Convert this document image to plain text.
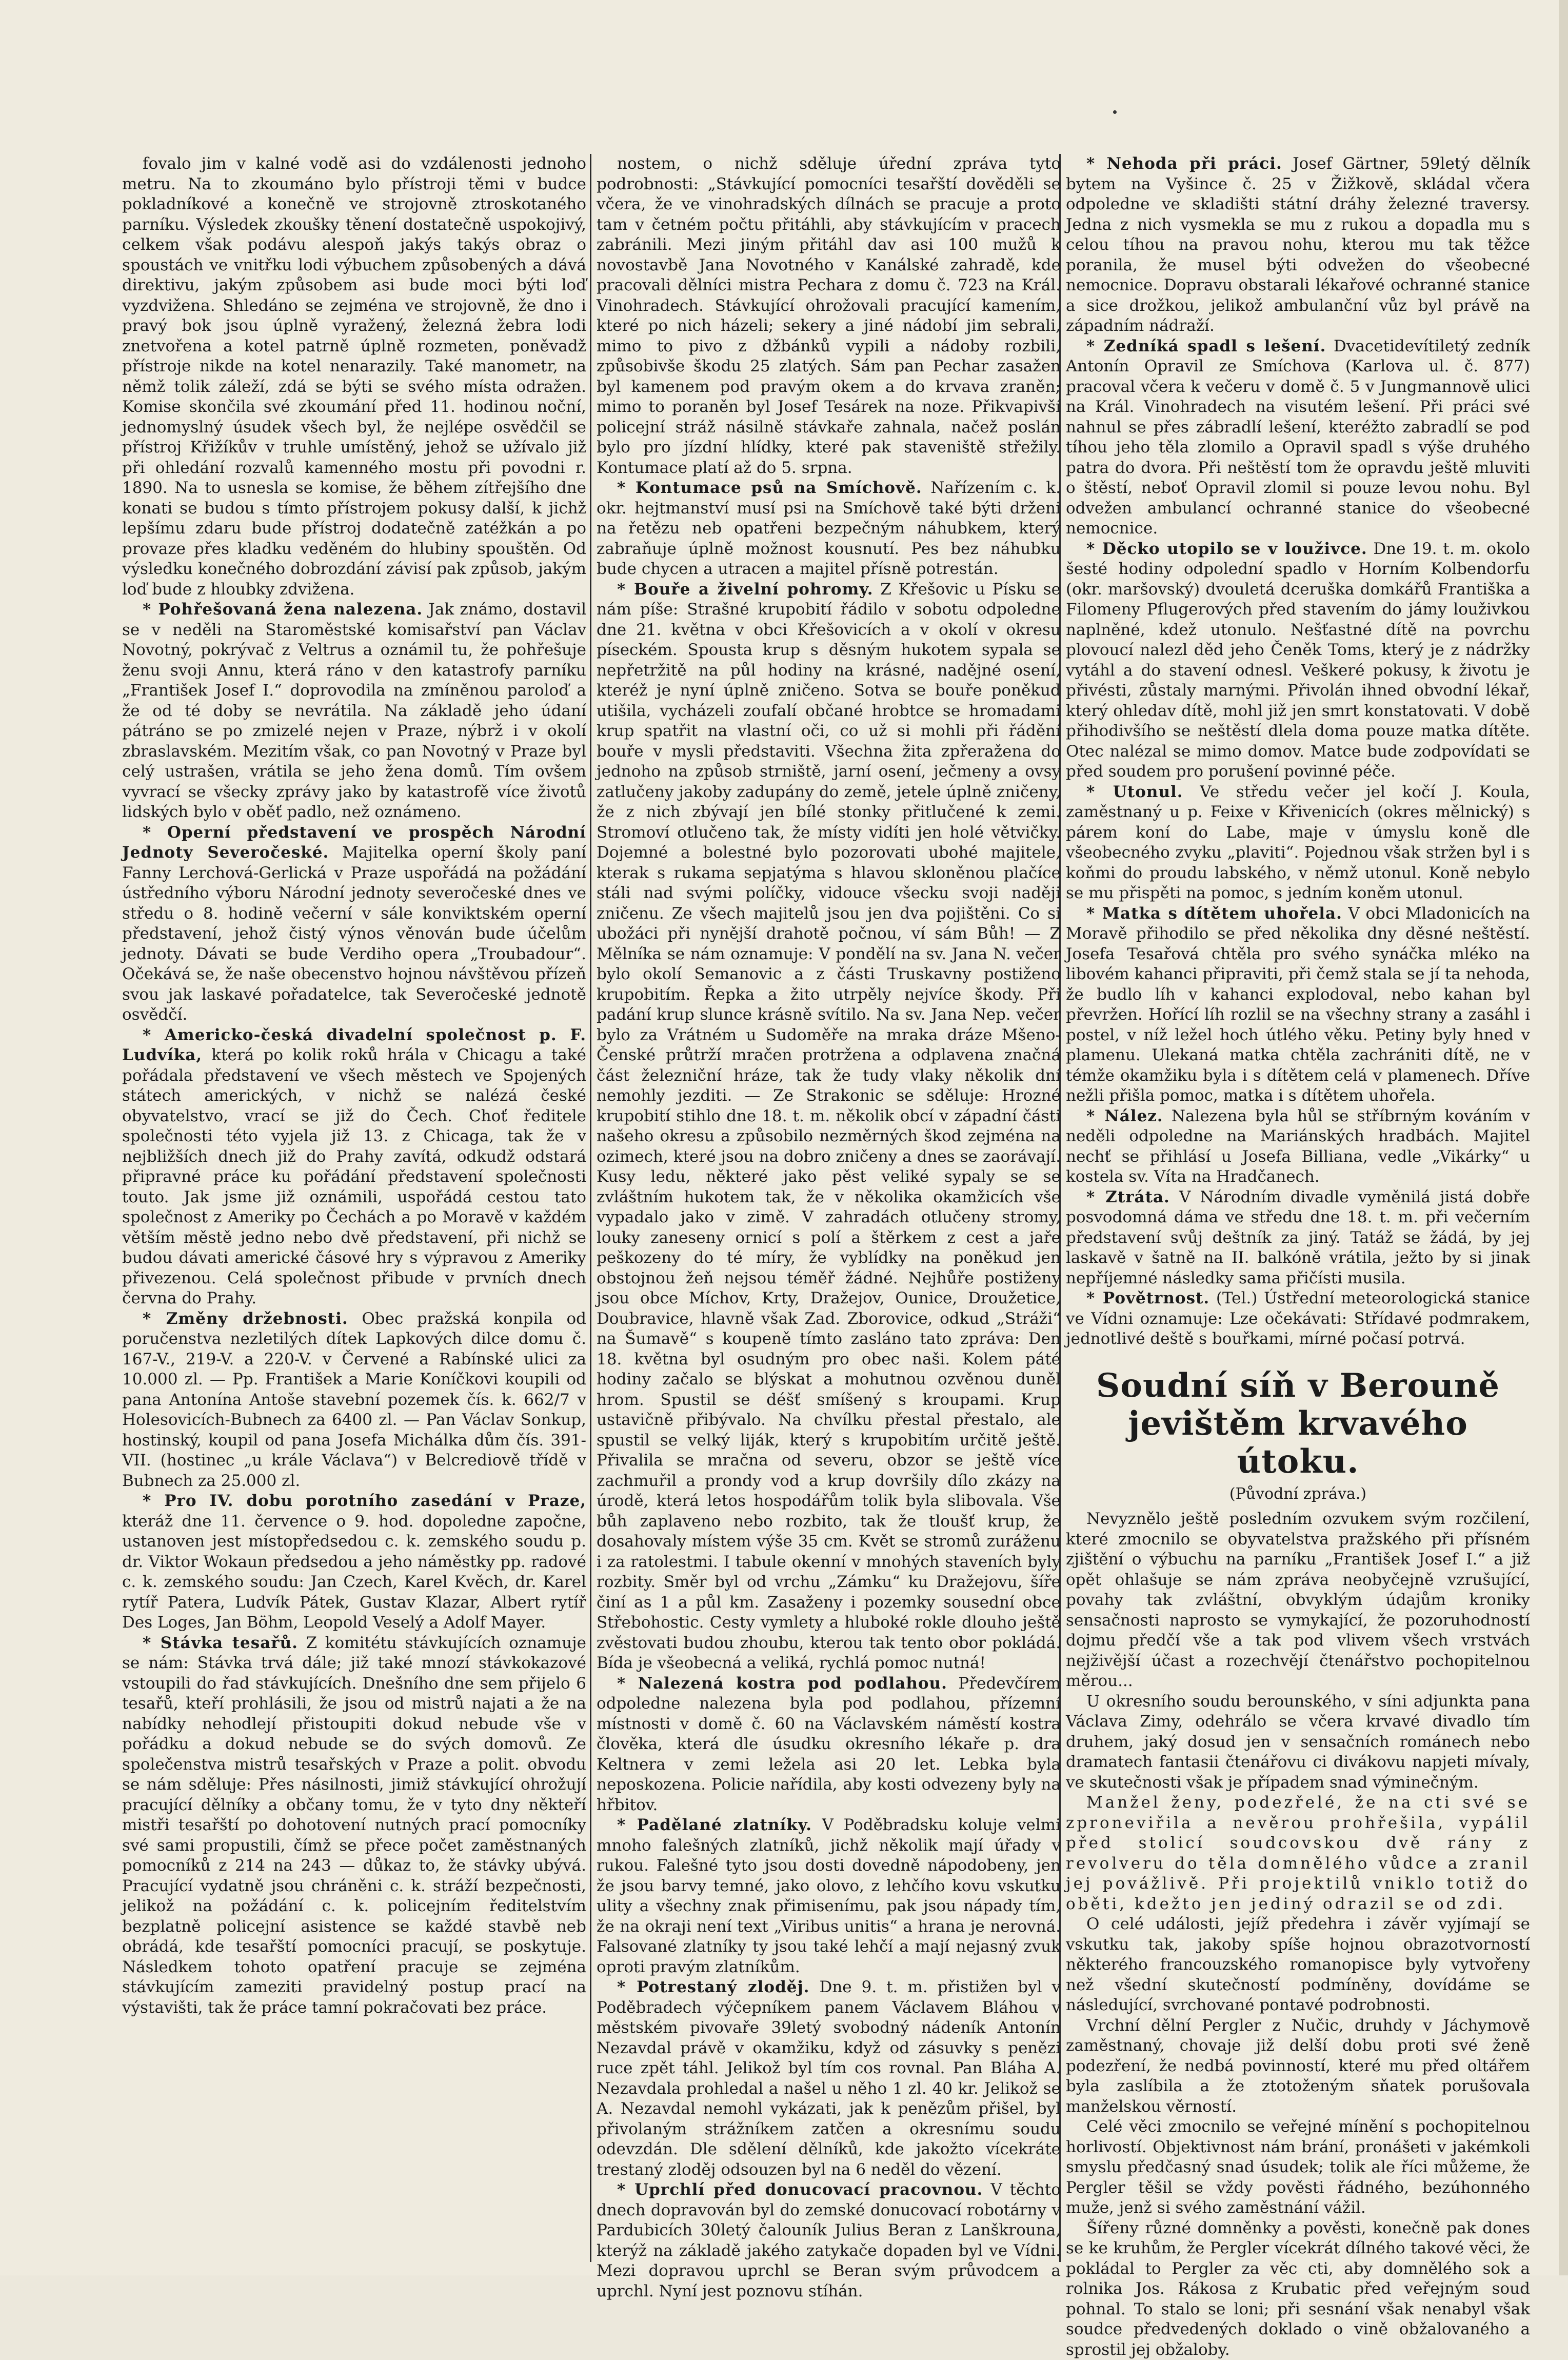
fovalo jim v kalné vodě asi do vzdálenosti jednoho metru. Na to zkoumáno bylo přístroji těmi v budce pokladníkové a konečně ve strojovně ztroskotaného parníku. Výsledek zkoušky těnení dostatečně uspokojivý, celkem však podávu alespoň jakýs takýs obraz o spoustách ve vnitřku lodi výbuchem způsobených a dává direktivu, jakým způsobem asi bude moci býti loď vyzdvižena. Shledáno se zejména ve strojovně, že dno i pravý bok jsou úplně vyražený, železná žebra lodi znetvořena a kotel patrně úplně rozmeten, poněvadž přístroje nikde na kotel nenarazily. Také manometr, na němž tolik záleží, zdá se býti se svého místa odražen. Komise skončila své zkoumání před 11. hodinou noční, jednomyslný úsudek všech byl, že nejlépe osvědčil se přístroj Křižíkův v truhle umístěný, jehož se užívalo již při ohledání rozvalů kamenného mostu při povodni r. 1890. Na to usnesla se komise, že během zítřejšího dne konati se budou s tímto přístrojem pokusy další, k jichž lepšímu zdaru bude přístroj dodatečně zatéžkán a po provaze přes kladku veděném do hlubiny spouštěn. Od výsledku konečného dobrozdání závisí pak způsob, jakým loď bude z hloubky zdvižena.

* Pohřešovaná žena nalezena. Jak známo, dostavil se v neděli na Staroměstské komisařství pan Václav Novotný, pokrývač z Veltrus a oznámil tu, že pohřešuje ženu svoji Annu, která ráno v den katastrofy parníku „František Josef I.“ doprovodila na zmíněnou paroloď a že od té doby se nevrátila. Na základě jeho údaní pátráno se po zmizelé nejen v Praze, nýbrž i v okolí zbraslavském. Mezitím však, co pan Novotný v Praze byl celý ustrašen, vrátila se jeho žena domů. Tím ovšem vyvrací se všecky zprávy jako by katastrofě více životů lidských bylo v oběť padlo, než oznámeno.

* Operní představení ve prospěch Národní Jednoty Severočeské. Majitelka operní školy paní Fanny Lerchová-Gerlická v Praze uspořádá na požádání ústředního výboru Národní jednoty severočeské dnes ve středu o 8. hodině večerní v sále konviktském operní představení, jehož čistý výnos věnován bude účelům jednoty. Dávati se bude Verdiho opera „Troubadour“. Očekává se, že naše obecenstvo hojnou návštěvou přízeň svou jak laskavé pořadatelce, tak Severočeské jednotě osvědčí.

* Americko-česká divadelní společnost p. F. Ludvíka, která po kolik roků hrála v Chicagu a také pořádala představení ve všech městech ve Spojených státech amerických, v nichž se nalézá české obyvatelstvo, vrací se již do Čech. Choť ředitele společnosti této vyjela již 13. z Chicaga, tak že v nejbližších dnech již do Prahy zavítá, odkudž odstará připravné práce ku pořádání představení společnosti touto. Jak jsme již oznámili, uspořádá cestou tato společnost z Ameriky po Čechách a po Moravě v každém větším městě jedno nebo dvě představení, při nichž se budou dávati americké čásové hry s výpravou z Ameriky přivezenou. Celá společnost přibude v prvních dnech června do Prahy.

* Změny držebnosti. Obec pražská konpila od poručenstva nezletilých dítek Lapkových dilce domu č. 167-V., 219-V. a 220-V. v Červené a Rabínské ulici za 10.000 zl. — Pp. František a Marie Koníčkovi koupili od pana Antonína Antoše stavební pozemek čís. k. 662/7 v Holesovicích-Bubnech za 6400 zl. — Pan Václav Sonkup, hostinský, koupil od pana Josefa Michálka dům čís. 391-VII. (hostinec „u krále Václava“) v Belcrediově třídě v Bubnech za 25.000 zl.

* Pro IV. dobu porotního zasedání v Praze, kteráž dne 11. července o 9. hod. dopoledne započne, ustanoven jest místopředsedou c. k. zemského soudu p. dr. Viktor Wokaun předsedou a jeho náměstky pp. radové c. k. zemského soudu: Jan Czech, Karel Kvěch, dr. Karel rytíř Patera, Ludvík Pátek, Gustav Klazar, Albert rytíř Des Loges, Jan Böhm, Leopold Veselý a Adolf Mayer.

* Stávka tesařů. Z komitétu stávkujících oznamuje se nám: Stávka trvá dále; již také mnozí stávkokazové vstoupili do řad stávkujících. Dnešního dne sem přijelo 6 tesařů, kteří prohlásili, že jsou od mistrů najati a že na nabídky nehodlejí přistoupiti dokud nebude vše v pořádku a dokud nebude se do svých domovů. Ze společenstva mistrů tesařských v Praze a polit. obvodu se nám sděluje: Přes násilnosti, jimiž stávkující ohrožují pracující dělníky a občany tomu, že v tyto dny někteří mistři tesařští po dohotovení nutných prací pomocníky své sami propustili, čímž se přece počet zaměstnaných pomocníků z 214 na 243 — důkaz to, že stávky ubývá. Pracující vydatně jsou chráněni c. k. stráží bezpečnosti, jelikož na požádání c. k. policejním ředitelstvím bezplatně policejní asistence se každé stavbě neb obrádá, kde tesařští pomocníci pracují, se poskytuje. Následkem tohoto opatření pracuje se zejména stávkujícím zameziti pravidelný postup prací na výstavišti, tak že práce tamní pokračovati bez práce.

nostem, o nichž sděluje úřední zpráva tyto podrobnosti: „Stávkující pomocníci tesařští dověděli se včera, že ve vinohradských dílnách se pracuje a proto tam v četném počtu přitáhli, aby stávkujícím v pracech zabránili. Mezi jiným přitáhl dav asi 100 mužů k novostavbě Jana Novotného v Kanálské zahradě, kde pracovali dělníci mistra Pechara z domu č. 723 na Král. Vinohradech. Stávkující ohrožovali pracující kamením, které po nich házeli; sekery a jiné nádobí jim sebrali, mimo to pivo z džbánků vypili a nádoby rozbili, způsobivše škodu 25 zlatých. Sám pan Pechar zasažen byl kamenem pod pravým okem a do krvava zraněn; mimo to poraněn byl Josef Tesárek na noze. Přikvapivší policejní stráž násilně stávkaře zahnala, načež poslán bylo pro jízdní hlídky, které pak staveniště střežily. Kontumace platí až do 5. srpna.

* Kontumace psů na Smíchově. Nařízením c. k. okr. hejtmanství musí psi na Smíchově také býti drženi na řetězu neb opatřeni bezpečným náhubkem, který zabraňuje úplně možnost kousnutí. Pes bez náhubku bude chycen a utracen a majitel přísně potrestán.

* Bouře a živelní pohromy. Z Křešovic u Písku se nám píše: Strašné krupobití řádilo v sobotu odpoledne dne 21. května v obci Křešovicích a v okolí v okresu píseckém. Spousta krup s děsným hukotem sypala se nepřetržitě na půl hodiny na krásné, nadějné osení, kteréž je nyní úplně zničeno. Sotva se bouře poněkud utišila, vycházeli zoufalí občané hrobtce se hromadami krup spatřit na vlastní oči, co už si mohli při řádění bouře v mysli představiti. Všechna žita zpřeražena do jednoho na způsob strniště, jarní osení, ječmeny a ovsy zatlučeny jakoby zadupány do země, jetele úplně zničeny, že z nich zbývají jen bílé stonky přitlučené k zemi. Stromoví otlučeno tak, že místy vidíti jen holé větvičky. Dojemné a bolestné bylo pozorovati ubohé majitele, kterak s rukama sepjatýma s hlavou skloněnou plačíce stáli nad svými políčky, vidouce všecku svoji naději zničenu. Ze všech majitelů jsou jen dva pojištěni. Co si ubožáci při nynější drahotě počnou, ví sám Bůh! — Z Mělníka se nám oznamuje: V pondělí na sv. Jana N. večer bylo okolí Semanovic a z části Truskavny postiženo krupobitím. Řepka a žito utrpěly nejvíce škody. Při padání krup slunce krásně svítilo. Na sv. Jana Nep. večer bylo za Vrátném u Sudoměře na mraka dráze Mšeno-Čenské průtrží mračen protržena a odplavena značná část železniční hráze, tak že tudy vlaky několik dní nemohly jezditi. — Ze Strakonic se sděluje: Hrozné krupobití stihlo dne 18. t. m. několik obcí v západní části našeho okresu a způsobilo nezměrných škod zejména na ozimech, které jsou na dobro zničeny a dnes se zaorávají. Kusy ledu, některé jako pěst veliké sypaly se se zvláštním hukotem tak, že v několika okamžicích vše vypadalo jako v zimě. V zahradách otlučeny stromy, louky zaneseny ornicí s polí a štěrkem z cest a jaře peškozeny do té míry, že vyblídky na poněkud jen obstojnou žeň nejsou téměř žádné. Nejhůře postiženy jsou obce Míchov, Krty, Dražejov, Ounice, Droužetice, Doubravice, hlavně však Zad. Zborovice, odkud „Stráži“ na Šumavě“ s koupeně tímto zasláno tato zpráva: Den 18. května byl osudným pro obec naši. Kolem páté hodiny začalo se blýskat a mohutnou ozvěnou duněl hrom. Spustil se déšť smíšený s kroupami. Krup ustavičně přibývalo. Na chvílku přestal přestalo, ale spustil se velký liják, který s krupobitím určitě ještě. Přivalila se mračna od severu, obzor se ještě více zachmuřil a prondy vod a krup dovršily dílo zkázy na úrodě, která letos hospodářům tolik byla slibovala. Vše bůh zaplaveno nebo rozbito, tak že tloušť krup, že dosahovaly místem výše 35 cm. Květ se stromů zuráženu i za ratolestmi. I tabule okenní v mnohých staveních byly rozbity. Směr byl od vrchu „Zámku“ ku Dražejovu, šíře činí as 1 a půl km. Zasaženy i pozemky sousední obce Střebohostic. Cesty vymlety a hluboké rokle dlouho ještě zvěstovati budou zhoubu, kterou tak tento obor pokládá. Bída je všeobecná a veliká, rychlá pomoc nutná!

* Nalezená kostra pod podlahou. Předevčírem odpoledne nalezena byla pod podlahou, přízemní místnosti v domě č. 60 na Václavském náměstí kostra člověka, která dle úsudku okresního lékaře p. dra Keltnera v zemi ležela asi 20 let. Lebka byla neposkozena. Policie nařídila, aby kosti odvezeny byly na hřbitov.

* Padělané zlatníky. V Poděbradsku koluje velmi mnoho falešných zlatníků, jichž několik mají úřady v rukou. Falešné tyto jsou dosti dovedně nápodobeny, jen že jsou barvy temné, jako olovo, z lehčího kovu vskutku ulity a všechny znak přimisenímu, pak jsou nápady tím, že na okraji není text „Viribus unitis“ a hrana je nerovná. Falsované zlatníky ty jsou také lehčí a mají nejasný zvuk oproti pravým zlatníkům.

* Potrestaný zloděj. Dne 9. t. m. přistižen byl v Poděbradech výčepníkem panem Václavem Bláhou v městském pivovaře 39letý svobodný nádeník Antonín Nezavdal právě v okamžiku, když od zásuvky s penězi ruce zpět táhl. Jelikož byl tím cos rovnal. Pan Bláha A. Nezavdala prohledal a našel u něho 1 zl. 40 kr. Jelikož se A. Nezavdal nemohl vykázati, jak k penězům přišel, byl přivolaným strážníkem zatčen a okresnímu soudu odevzdán. Dle sdělení dělníků, kde jakožto vícekráte trestaný zloděj odsouzen byl na 6 neděl do vězení.

* Uprchlí před donucovací pracovnou. V těchto dnech dopravován byl do zemské donucovací robotárny v Pardubicích 30letý čalouník Julius Beran z Lanškrouna, kterýž na základě jakého zatykače dopaden byl ve Vídni. Mezi dopravou uprchl se Beran svým průvodcem a uprchl. Nyní jest poznovu stíhán.

* Nehoda při práci. Josef Gärtner, 59letý dělník bytem na Vyšince č. 25 v Žižkově, skládal včera odpoledne ve skladišti státní dráhy železné traversy. Jedna z nich vysmekla se mu z rukou a dopadla mu s celou tíhou na pravou nohu, kterou mu tak těžce poranila, že musel býti odvežen do všeobecné nemocnice. Dopravu obstarali lékařové ochranné stanice a sice drožkou, jelikož ambulanční vůz byl právě na západním nádraží.

* Zedníká spadl s lešení. Dvacetidevítiletý zedník Antonín Opravil ze Smíchova (Karlova ul. č. 877) pracoval včera k večeru v domě č. 5 v Jungmannově ulici na Král. Vinohradech na visutém lešení. Při práci své nahnul se přes zábradlí lešení, kteréžto zabradlí se pod tíhou jeho těla zlomilo a Opravil spadl s výše druhého patra do dvora. Při neštěstí tom že opravdu ještě mluviti o štěstí, neboť Opravil zlomil si pouze levou nohu. Byl odvežen ambulancí ochranné stanice do všeobecné nemocnice.

* Děcko utopilo se v louživce. Dne 19. t. m. okolo šesté hodiny odpolední spadlo v Horním Kolbendorfu (okr. maršovský) dvouletá dceruška domkářů Františka a Filomeny Pflugerových před stavením do jámy louživkou naplněné, kdež utonulo. Nešťastné dítě na povrchu plovoucí nalezl děd jeho Čeněk Toms, který je z nádržky vytáhl a do stavení odnesl. Veškeré pokusy, k životu je přivésti, zůstaly marnými. Přivolán ihned obvodní lékař, který ohledav dítě, mohl již jen smrt konstatovati. V době přihodivšího se neštěstí dlela doma pouze matka dítěte. Otec nalézal se mimo domov. Matce bude zodpovídati se před soudem pro porušení povinné péče.

* Utonul. Ve středu večer jel kočí J. Koula, zaměstnaný u p. Feixe v Křivenicích (okres mělnický) s párem koní do Labe, maje v úmyslu koně dle všeobecného zvyku „plaviti“. Pojednou však stržen byl i s koňmi do proudu labského, v němž utonul. Koně nebylo se mu přispěti na pomoc, s jedním koněm utonul.

* Matka s dítětem uhořela. V obci Mladonicích na Moravě přihodilo se před několika dny děsné neštěstí. Josefa Tesařová chtěla pro svého synáčka mléko na libovém kahanci připraviti, při čemž stala se jí ta nehoda, že budlo líh v kahanci explodoval, nebo kahan byl převržen. Hořící líh rozlil se na všechny strany a zasáhl i postel, v níž ležel hoch útlého věku. Petiny byly hned v plamenu. Ulekaná matka chtěla zachrániti dítě, ne v témže okamžiku byla i s dítětem celá v plamenech. Dříve nežli přišla pomoc, matka i s dítětem uhořela.

* Nález. Nalezena byla hůl se stříbrným kováním v neděli odpoledne na Mariánských hradbách. Majitel nechť se přihlásí u Josefa Billiana, vedle „Vikárky“ u kostela sv. Víta na Hradčanech.

* Ztráta. V Národním divadle vyměnilá jistá dobře posvodomná dáma ve středu dne 18. t. m. při večerním představení svůj deštník za jiný. Tatáž se žádá, by jej laskavě v šatně na II. balkóně vrátila, ježto by si jinak nepříjemné následky sama přičísti musila.

* Povětrnost. (Tel.) Ústřední meteorologická stanice ve Vídni oznamuje: Lze očekávati: Střídavé podmrakem, jednotlivé deště s bouřkami, mírné počasí potrvá.

Soudní síň v Berouně jevištěm krvavého útoku.
(Původní zpráva.)

Nevyznělo ještě posledním ozvukem svým rozčilení, které zmocnilo se obyvatelstva pražského při přísném zjištění o výbuchu na parníku „František Josef I.“ a již opět ohlašuje se nám zpráva neobyčejně vzrušující, povahy tak zvláštní, obvyklým údajům kroniky sensačnosti naprosto se vymykající, že pozoruhodností dojmu předčí vše a tak pod vlivem všech vrstvách nejživější účast a rozechvějí čtenářstvo pochopitelnou měrou...

U okresního soudu berounského, v síni adjunkta pana Václava Zimy, odehrálo se včera krvavé divadlo tím druhem, jaký dosud jen v sensačních románech nebo dramatech fantasii čtenářovu ci divákovu napjeti mívaly, ve skutečnosti však je případem snad výminečným.

Manžel ženy, podezřelé, že na cti své se zproneviřila a nevěrou prohřešila, vypálil před stolicí soudcovskou dvě rány z revolveru do těla domnělého vůdce a zranil jej povážlivě. Při projektilů vniklo totiž do oběti, kdežto jen jediný odrazil se od zdi.

O celé události, jejíž předehra i závěr vyjímají se vskutku tak, jakoby spíše hojnou obrazotvorností některého francouzského romanopisce byly vytvořeny než všední skutečností podmíněny, dovídáme se následující, svrchované pontavé podrobnosti.

Vrchní dělní Pergler z Nučic, druhdy v Jáchymově zaměstnaný, chovaje již delší dobu proti své ženě podezření, že nedbá povinností, které mu před oltářem byla zaslíbila a že ztotoženým sňatek porušovala manželskou věrností.

Celé věci zmocnilo se veřejné mínění s pochopitelnou horlivostí. Objektivnost nám brání, pronášeti v jakémkoli smyslu předčasný snad úsudek; tolik ale říci můžeme, že Pergler těšil se vždy pověsti řádného, bezúhonného muže, jenž si svého zaměstnání vážil.

Šířeny různé domněnky a pověsti, konečně pak dones se ke kruhům, že Pergler vícekrát dílného takové věci, že pokládal to Pergler za věc cti, aby domnělého sok a rolnika Jos. Rákosa z Krubatic před veřejným soud pohnal. To stalo se loni; při sesnání však nenabyl však soudce předvedených doklado o vině obžalovaného a sprostil jej obžaloby.
